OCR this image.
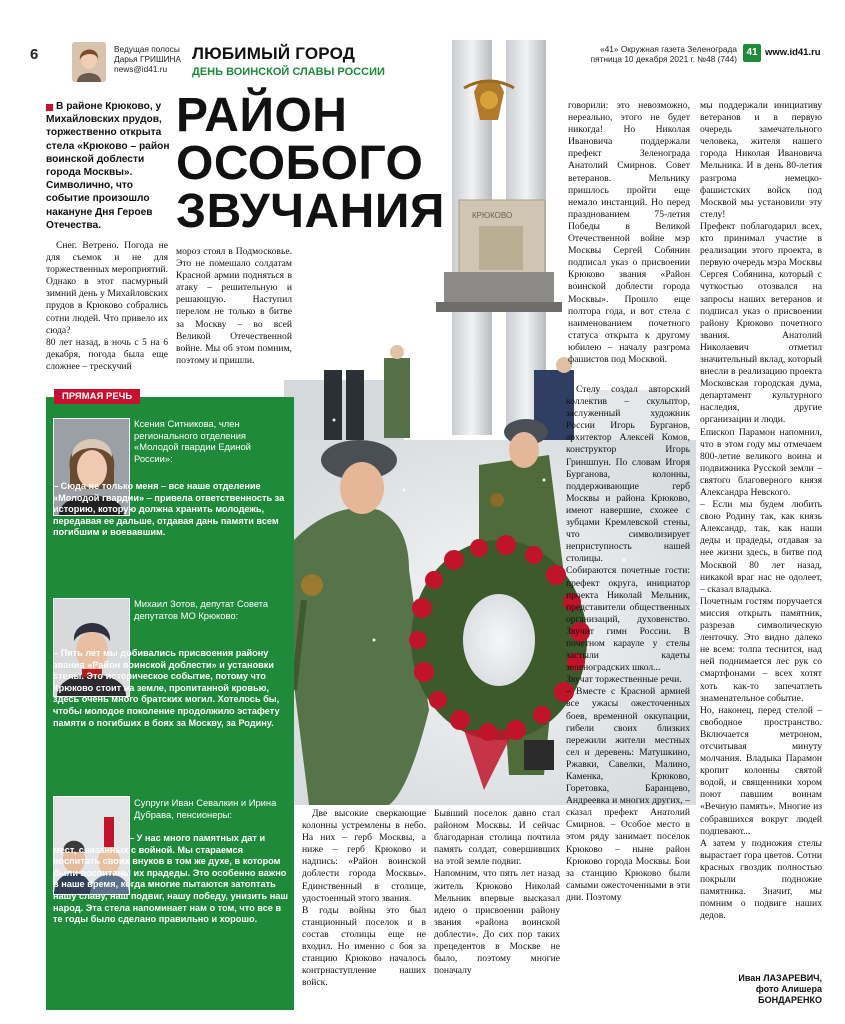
6	Ведущая полосы
Дарья ГРИШИНА
news@id41.ru
ЛЮБИМЫЙ ГОРОД
ДЕНЬ ВОИНСКОЙ СЛАВЫ РОССИИ
«41» Окружная газета Зеленограда
пятница 10 декабря 2021 г. №48 (744)
41 www.id41.ru
В районе Крюково, у Михайловских прудов, торжественно открыта стела «Крюково – район воинской доблести города Москвы». Символично, что событие произошло накануне Дня Героев Отечества.
РАЙОН
ОСОБОГО
ЗВУЧАНИЯ	КРЮКОВО
Снег. Ветрено. Погода не для съемок и не для торжественных мероприятий. Однако в этот пасмурный зимний день у Михайловских прудов в Крюково собрались сотни людей. Что привело их сюда?
80 лет назад, в ночь с 5 на 6 декабря, погода была еще сложнее – трескучий
мороз стоял в Подмосковье. Это не помешало солдатам Красной армии подняться в атаку – решительную и решающую. Наступил перелом не только в битве за Москву – во всей Великой Отечественной войне. Мы об этом помним, поэтому и пришли.
говорили: это невозможно, нереально, этого не будет никогда! Но Николая Ивановича поддержали префект Зеленограда Анатолий Смирнов. Совет ветеранов. Мельнику пришлось пройти еще немало инстанций. Но перед празднованием 75-летия Победы в Великой Отечественной войне мэр Москвы Сергей Собянин подписал указ о присвоении Крюково звания «Район воинской доблести города Москвы». Прошло еще полтора года, и вот стела с наименованием почетного статуса открыта к другому юбилею – началу разгрома фашистов под Москвой.
Стелу создал авторский коллектив – скульптор, заслуженный художник России Игорь Бурганов, архитектор Алексей Комов, конструктор Игорь Гриншпун. По словам Игоря Бурганова, колонны, поддерживающие герб Москвы и района Крюково, имеют навершие, схожее с зубцами Кремлевской стены, что символизирует неприступность нашей столицы.
Собираются почетные гости: префект округа, инициатор проекта Николай Мельник, представители общественных организаций, духовенство. Звучит гимн России. В почетном карауле у стелы застыли кадеты зеленоградских школ...
Звучат торжественные речи.
– Вместе с Красной армией все ужасы ожесточенных боев, временной оккупации, гибели своих близких пережили жители местных сел и деревень: Матушкино, Ржавки, Савелки, Малино, Каменка, Крюково, Горетовка, Баранцево, Андреевка и многих других, – сказал префект Анатолий Смирнов. – Особое место в этом ряду занимает поселок Крюково – ныне район Крюково города Москвы. Бои за станцию Крюково были самыми ожесточенными в эти дни. Поэтому
мы поддержали инициативу ветеранов и в первую очередь замечательного человека, жителя нашего города Николая Ивановича Мельника. И в день 80-летия разгрома немецко-фашистских войск под Москвой мы установили эту стелу!
Префект поблагодарил всех, кто принимал участие в реализации этого проекта, в первую очередь мэра Москвы Сергея Собянина, который с чуткостью отозвался на запросы наших ветеранов и подписал указ о присвоении району Крюково почетного звания. Анатолий Николаевич отметил значительный вклад, который внесли в реализацию проекта Московская городская дума, департамент культурного наследия, другие организации и люди.
Епископ Парамон напомнил, что в этом году мы отмечаем 800-летие великого воина и подвижника Русской земли – святого благоверного князя Александра Невского.
– Если мы будем любить свою Родину так, как князь Александр, так, как наши деды и прадеды, отдавая за нее жизни здесь, в битве под Москвой 80 лет назад, никакой враг нас не одолеет, – сказал владыка.
Почетным гостям поручается миссия открыть памятник, разрезав символическую ленточку. Это видно далеко не всем: толпа теснится, над ней поднимается лес рук со смартфонами – всех хотят хоть как-то запечатлеть знаменательное событие.
Но, наконец, перед стелой – свободное пространство. Включается метроном, отсчитывая минуту молчания. Владыка Парамон кропит колонны святой водой, и священники хором поют павшим воинам «Вечную память». Многие из собравшихся вокруг людей подпевают...
А затем у подножия стелы вырастает гора цветов. Сотни красных гвоздик полностью покрыли подножие памятника. Значит, мы помним о подвиге наших дедов.
Две высокие сверкающие колонны устремлены в небо. На них – герб Москвы, а ниже – герб Крюково и надпись: «Район воинской доблести города Москвы». Единственный в столице, удостоенный этого звания.
В годы войны это был станционный поселок и в состав столицы еще не входил. Но именно с боя за станцию Крюково началось контрнаступление наших войск.
Бывший поселок давно стал районом Москвы. И сейчас благодарная столица почтила память солдат, совершивших на этой земле подвиг.
Напомним, что пять лет назад житель Крюково Николай Мельник впервые высказал идею о присвоении району звания «района воинской доблести». До сих пор таких прецедентов в Москве не было, поэтому многие поначалу
Иван ЛАЗАРЕВИЧ,
фото Алишера
БОНДАРЕНКО
ПРЯМАЯ РЕЧЬ
Ксения Ситникова, член регионального отделения «Молодой гвардии Единой России»:
– Сюда не только меня – все наше отделение «Молодой гвардии» – привела ответственность за историю, которую должна хранить молодежь, передавая ее дальше, отдавая дань памяти всем погибшим и воевавшим.
Михаил Зотов, депутат Совета депутатов МО Крюково:
– Пять лет мы добивались присвоения району звания «Район воинской доблести» и установки стелы. Это историческое событие, потому что Крюково стоит на земле, пропитанной кровью, здесь очень много братских могил. Хотелось бы, чтобы молодое поколение продолжило эстафету памяти о погибших в боях за Москву, за Родину.
Супруги Иван Севалкин и Ирина Дубрава, пенсионеры:
– У нас много памятных дат и мест, связанных с войной. Мы стараемся воспитать своих внуков в том же духе, в котором были воспитаны их прадеды. Это особенно важно в наше время, когда многие пытаются затоптать нашу славу, наш подвиг, нашу победу, унизить наш народ. Эта стела напоминает нам о том, что все в те годы было сделано правильно и хорошо.
